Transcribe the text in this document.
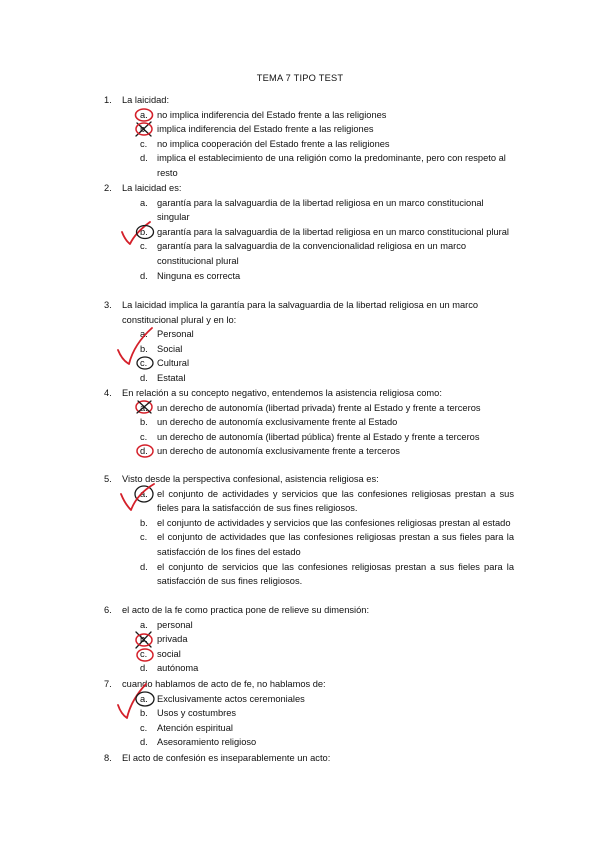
TEMA 7 TIPO TEST
1.	La laicidad:
a. no implica indiferencia del Estado frente a las religiones
b. implica indiferencia del Estado frente a las religiones
c.	no implica cooperación del Estado frente a las religiones
d. implica el establecimiento de una religión como la predominante, pero con respeto al resto
2.	La laicidad es:
a. garantía para la salvaguardia de la libertad religiosa en un marco constitucional singular
b. garantía para la salvaguardia de la libertad religiosa en un marco constitucional plural
c.	garantía para la salvaguardia de la convencionalidad religiosa en un marco constitucional plural
d. Ninguna es correcta
3.	La laicidad implica la garantía para la salvaguardia de la libertad religiosa en un marco constitucional plural y en lo:
a. Personal
b. Social
c.	Cultural
d. Estatal
4.	En relación a su concepto negativo, entendemos la asistencia religiosa como:
a. un derecho de autonomía (libertad privada) frente al Estado y frente a terceros
b. un derecho de autonomía exclusivamente frente al Estado
c.	un derecho de autonomía (libertad pública) frente al Estado y frente a terceros
d. un derecho de autonomía exclusivamente frente a terceros
5.	Visto desde la perspectiva confesional, asistencia religiosa es:
a. el conjunto de actividades y servicios que las confesiones religiosas prestan a sus fieles para la satisfacción de sus fines religiosos.
b. el conjunto de actividades y servicios que las confesiones religiosas prestan al estado
c.	el conjunto de actividades que las confesiones religiosas prestan a sus fieles para la satisfacción de los fines del estado
d. el conjunto de servicios que las confesiones religiosas prestan a sus fieles para la satisfacción de sus fines religiosos.
6.	el acto de la fe como practica pone de relieve su dimensión:
a. personal
b. privada
c.	social
d. autónoma
7.	cuando hablamos de acto de fe, no hablamos de:
a. Exclusivamente actos ceremoniales
b. Usos y costumbres
c.	Atención espiritual
d. Asesoramiento religioso
8.	El acto de confesión es inseparablemente un acto:
